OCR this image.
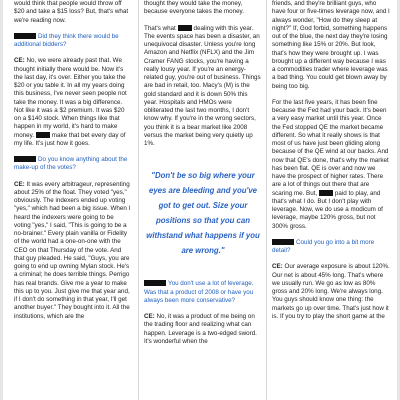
would think that people would throw off $20 and take a $15 loss? But, that's what we're reading now.

Did they think there would be additional bidders?

CE: No, we were already past that. We thought initially there would be. Now it's the last day, it's over. Either you take the $20 or you table it. In all my years doing this business, I've never seen people not take the money. It was a big difference. Not like it was a $2 premium. It was $20 on a $140 stock. When things like that happen in my world, it's hard to make money.	make that bet every day of my life. It's just how it goes.

Do you know anything about the make-up of the votes?

CE: It was every arbitrageur, representing about 25% of the float. They voted "yes," obviously. The indexers ended up voting "yes," which had been a big issue. When I heard the indexers were going to be voting "yes," I said, "This is going to be a no-brainer." Every plain vanilla or Fidelity of the world had a one-on-one with the CEO on that Thursday of the vote. And that guy pleaded. He said, "Guys, you are going to end up owning Mylan stock. He's a criminal; he does terrible things. Perrigo has real brands. Give me a year to make this up to you. Just give me that year and, if I don't do something in that year, I'll get another buyer." They bought into it. All the institutions, which are the

thought they would take the money, because everyone takes the money.

That's what	dealing with this year. The events space has been a disaster, an unequivocal disaster. Unless you're long Amazon and Netflix (NFLX) and the Jim Cramer FANG stocks, you're having a really lousy year. If you're an energy-related guy, you're out of business. Things are bad in retail, too. Macy's (M) is the gold standard and it is down 50% this year. Hospitals and HMOs were obliterated the last two months, I don't know why. If you're in the wrong sectors, you think it is a bear market like 2008 versus the market being very quietly up 1%.

"Don't be so big where your eyes are bleeding and you've got to get out. Size your positions so that you can withstand what happens if you are wrong."

You don't use a lot of leverage. Was that a product of 2008 or have you always been more conservative?

CE: No, it was a product of me being on the trading floor and realizing what can happen. Leverage is a two-edged sword. It's wonderful when the

friends, and they're brilliant guys, who have four or five-times leverage now, and I always wonder, "How do they sleep at night?" If, God forbid, something happens out of the blue, the next day they're losing something like 15% or 20%. But look, that's how they were brought up. I was brought up a different way because I was a commodities trader where leverage was a bad thing. You could get blown away by being too big.

For the last five years, it has been fine because the Fed had your back. It's been a very easy market until this year. Once the Fed stopped QE the market became different. So what it really shows is that most of us have just been gliding along because of the QE wind at our backs. And now that QE's done, that's why the market has been flat. QE is over and now we have the prospect of higher rates. There are a lot of things out there that are scaring me. But,	paid to play, and that's what I do. But I don't play with leverage. Now, we do use a modicum of leverage, maybe 120% gross, but not 300% gross.

Could you go into a bit more detail?

CE: Our average exposure is about 120%. Our net is about 45% long. That's where we usually run. We go as low as 80% gross and 20% long. We're always long. You guys should know one thing: the markets go up over time. That's just how it is. If you try to play the short game at the
